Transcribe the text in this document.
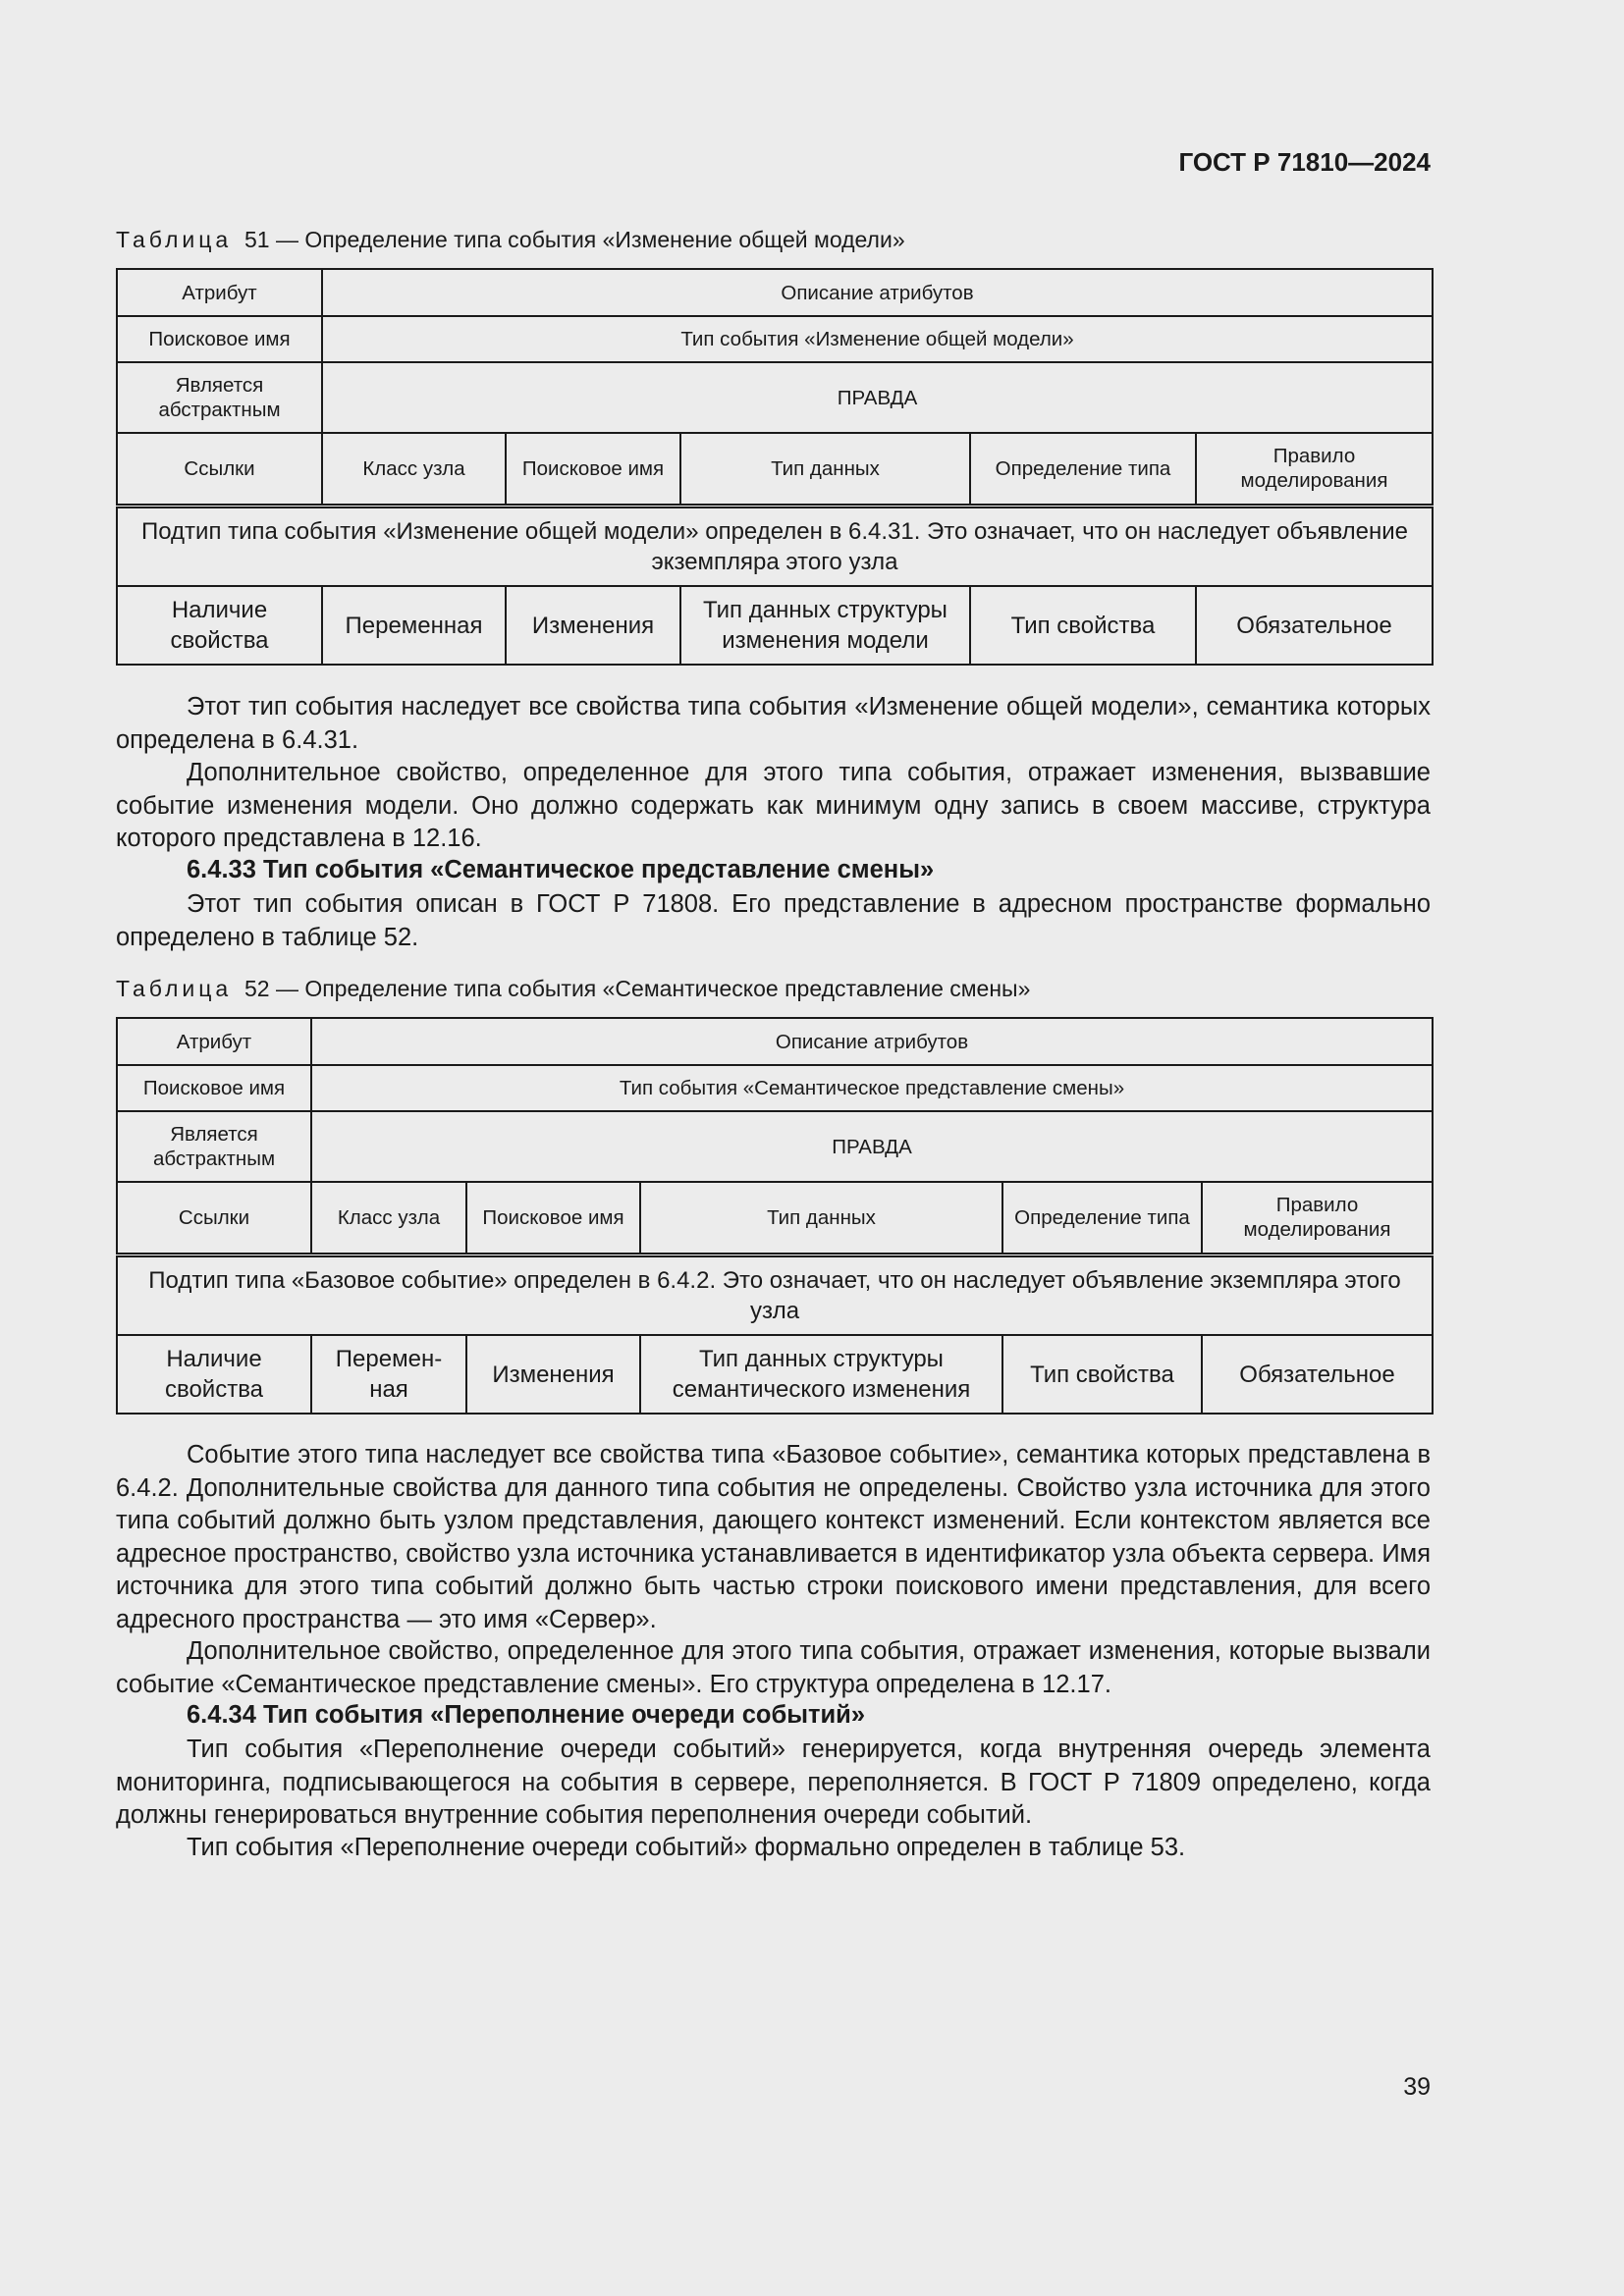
ГОСТ Р 71810—2024
Таблица 51 — Определение типа события «Изменение общей модели»
Атрибут	Описание атрибутов				
Поисковое имя	Тип события «Изменение общей модели»				
Является абстрактным	ПРАВДА				
Ссылки	Класс узла	Поисковое имя	Тип данных	Определение типа	Правило моделирования
Подтип типа события «Изменение общей модели» определен в 6.4.31. Это означает, что он наследует объявление экземпляра этого узла					
Наличие свойства	Переменная	Изменения	Тип данных структуры изменения модели	Тип свойства	Обязательное

Этот тип события наследует все свойства типа события «Изменение общей модели», семантика которых определена в 6.4.31.

Дополнительное свойство, определенное для этого типа события, отражает изменения, вызвавшие событие изменения модели. Оно должно содержать как минимум одну запись в своем массиве, структура которого представлена в 12.16.

6.4.33 Тип события «Семантическое представление смены»

Этот тип события описан в ГОСТ Р 71808. Его представление в адресном пространстве формально определено в таблице 52.

Таблица 52 — Определение типа события «Семантическое представление смены»
Атрибут	Описание атрибутов				
Поисковое имя	Тип события «Семантическое представление смены»				
Является абстрактным	ПРАВДА				
Ссылки	Класс узла	Поисковое имя	Тип данных	Определение типа	Правило моделирования
Подтип типа «Базовое событие» определен в 6.4.2. Это означает, что он наследует объявление экземпляра этого узла					
Наличие свойства	Перемен-ная	Изменения	Тип данных структуры семантического изменения	Тип свойства	Обязательное

Событие этого типа наследует все свойства типа «Базовое событие», семантика которых представлена в 6.4.2. Дополнительные свойства для данного типа события не определены. Свойство узла источника для этого типа событий должно быть узлом представления, дающего контекст изменений. Если контекстом является все адресное пространство, свойство узла источника устанавливается в идентификатор узла объекта сервера. Имя источника для этого типа событий должно быть частью строки поискового имени представления, для всего адресного пространства — это имя «Сервер».

Дополнительное свойство, определенное для этого типа события, отражает изменения, которые вызвали событие «Семантическое представление смены». Его структура определена в 12.17.

6.4.34 Тип события «Переполнение очереди событий»

Тип события «Переполнение очереди событий» генерируется, когда внутренняя очередь элемента мониторинга, подписывающегося на события в сервере, переполняется. В ГОСТ Р 71809 определено, когда должны генерироваться внутренние события переполнения очереди событий.

Тип события «Переполнение очереди событий» формально определен в таблице 53.

39
